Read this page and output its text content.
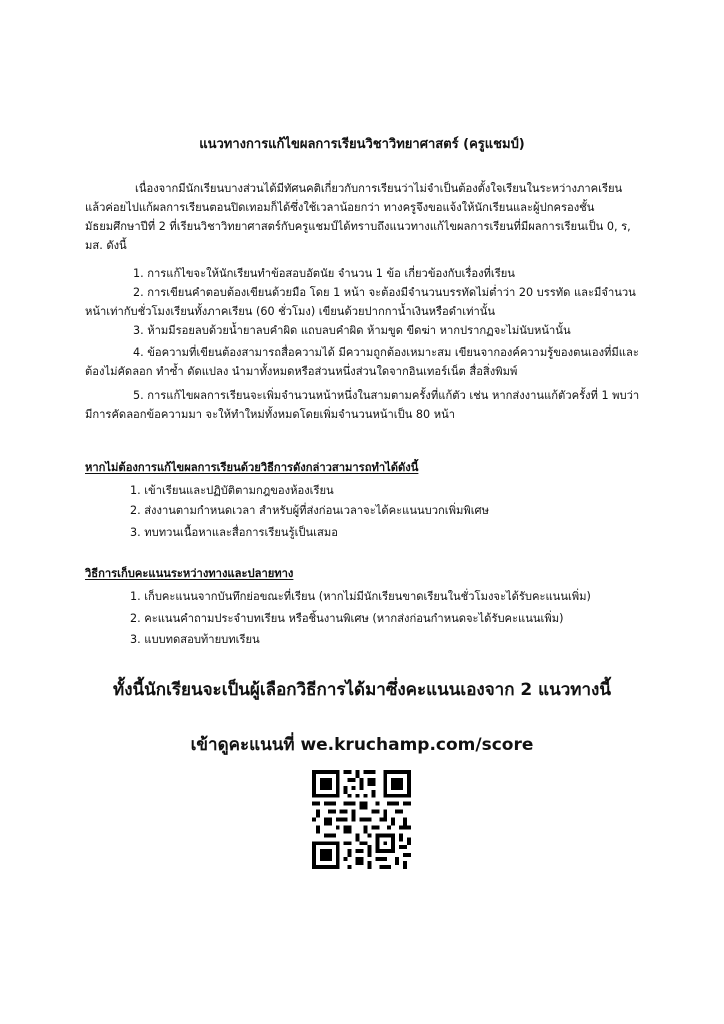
แนวทางการแก้ไขผลการเรียนวิชาวิทยาศาสตร์ (ครูแชมป์)
เนื่องจากมีนักเรียนบางส่วนได้มีทัศนคติเกี่ยวกับการเรียนว่าไม่จำเป็นต้องตั้งใจเรียนในระหว่างภาคเรียน แล้วค่อยไปแก้ผลการเรียนตอนปิดเทอมก็ได้ซึ่งใช้เวลาน้อยกว่า ทางครูจึงขอแจ้งให้นักเรียนและผู้ปกครองชั้นมัธยมศึกษาปีที่ 2 ที่เรียนวิชาวิทยาศาสตร์กับครูแชมป์ได้ทราบถึงแนวทางแก้ไขผลการเรียนที่มีผลการเรียนเป็น 0, ร, มส. ดังนี้
1. การแก้ไขจะให้นักเรียนทำข้อสอบอัตนัย จำนวน 1 ข้อ เกี่ยวข้องกับเรื่องที่เรียน
2. การเขียนคำตอบต้องเขียนด้วยมือ โดย 1 หน้า จะต้องมีจำนวนบรรทัดไม่ต่ำว่า 20 บรรทัด และมีจำนวนหน้าเท่ากับชั่วโมงเรียนทั้งภาคเรียน (60 ชั่วโมง) เขียนด้วยปากกาน้ำเงินหรือดำเท่านั้น
3. ห้ามมีรอยลบด้วยน้ำยาลบคำผิด แถบลบคำผิด ห้ามขูด ขีดฆ่า หากปรากฏจะไม่นับหน้านั้น
4. ข้อความที่เขียนต้องสามารถสื่อความได้ มีความถูกต้องเหมาะสม เขียนจากองค์ความรู้ของตนเองที่มีและต้องไม่คัดลอก ทำซ้ำ ดัดแปลง นำมาทั้งหมดหรือส่วนหนึ่งส่วนใดจากอินเทอร์เน็ต สื่อสิ่งพิมพ์
5. การแก้ไขผลการเรียนจะเพิ่มจำนวนหน้าหนึ่งในสามตามครั้งที่แก้ตัว เช่น หากส่งงานแก้ตัวครั้งที่ 1 พบว่ามีการคัดลอกข้อความมา จะให้ทำใหม่ทั้งหมดโดยเพิ่มจำนวนหน้าเป็น 80 หน้า
หากไม่ต้องการแก้ไขผลการเรียนด้วยวิธีการดังกล่าวสามารถทำได้ดังนี้
1. เข้าเรียนและปฏิบัติตามกฎของห้องเรียน
2. ส่งงานตามกำหนดเวลา สำหรับผู้ที่ส่งก่อนเวลาจะได้คะแนนบวกเพิ่มพิเศษ
3. ทบทวนเนื้อหาและสื่อการเรียนรู้เป็นเสมอ
วิธีการเก็บคะแนนระหว่างทางและปลายทาง
1. เก็บคะแนนจากบันทึกย่อขณะที่เรียน (หากไม่มีนักเรียนขาดเรียนในชั่วโมงจะได้รับคะแนนเพิ่ม)
2. คะแนนคำถามประจำบทเรียน หรือชิ้นงานพิเศษ (หากส่งก่อนกำหนดจะได้รับคะแนนเพิ่ม)
3. แบบทดสอบท้ายบทเรียน
ทั้งนี้นักเรียนจะเป็นผู้เลือกวิธีการได้มาซึ่งคะแนนเองจาก 2 แนวทางนี้
เข้าดูคะแนนที่ we.kruchamp.com/score
